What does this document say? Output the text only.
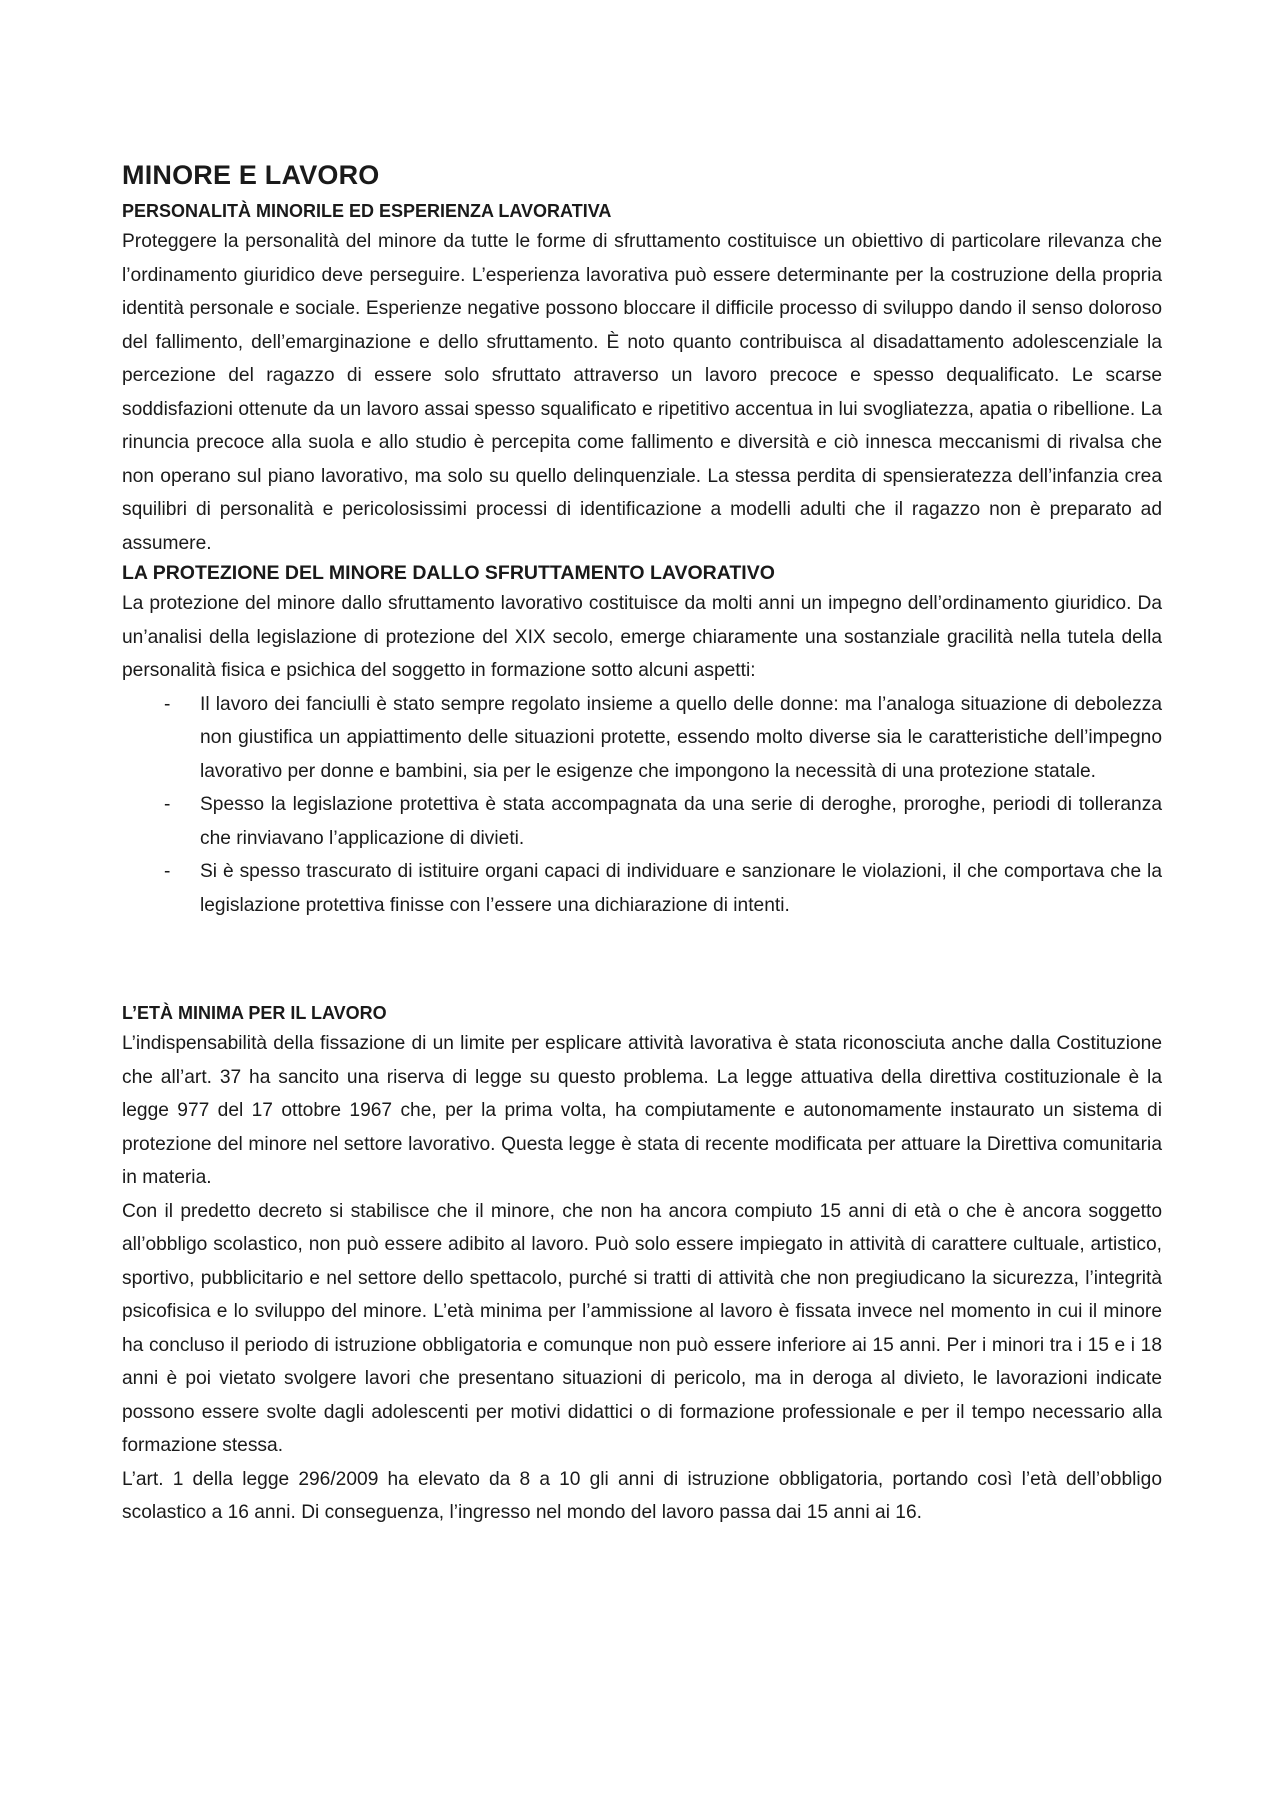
MINORE E LAVORO
PERSONALITÀ MINORILE ED ESPERIENZA LAVORATIVA

Proteggere la personalità del minore da tutte le forme di sfruttamento costituisce un obiettivo di particolare rilevanza che l’ordinamento giuridico deve perseguire. L’esperienza lavorativa può essere determinante per la costruzione della propria identità personale e sociale. Esperienze negative possono bloccare il difficile processo di sviluppo dando il senso doloroso del fallimento, dell’emarginazione e dello sfruttamento. È noto quanto contribuisca al disadattamento adolescenziale la percezione del ragazzo di essere solo sfruttato attraverso un lavoro precoce e spesso dequalificato. Le scarse soddisfazioni ottenute da un lavoro assai spesso squalificato e ripetitivo accentua in lui svogliatezza, apatia o ribellione. La rinuncia precoce alla suola e allo studio è percepita come fallimento e diversità e ciò innesca meccanismi di rivalsa che non operano sul piano lavorativo, ma solo su quello delinquenziale. La stessa perdita di spensieratezza dell’infanzia crea squilibri di personalità e pericolosissimi processi di identificazione a modelli adulti che il ragazzo non è preparato ad assumere.

LA PROTEZIONE DEL MINORE DALLO SFRUTTAMENTO LAVORATIVO

La protezione del minore dallo sfruttamento lavorativo costituisce da molti anni un impegno dell’ordinamento giuridico. Da un’analisi della legislazione di protezione del XIX secolo, emerge chiaramente una sostanziale gracilità nella tutela della personalità fisica e psichica del soggetto in formazione sotto alcuni aspetti:

- Il lavoro dei fanciulli è stato sempre regolato insieme a quello delle donne: ma l’analoga situazione di debolezza non giustifica un appiattimento delle situazioni protette, essendo molto diverse sia le caratteristiche dell’impegno lavorativo per donne e bambini, sia per le esigenze che impongono la necessità di una protezione statale.
- Spesso la legislazione protettiva è stata accompagnata da una serie di deroghe, proroghe, periodi di tolleranza che rinviavano l’applicazione di divieti.
- Si è spesso trascurato di istituire organi capaci di individuare e sanzionare le violazioni, il che comportava che la legislazione protettiva finisse con l’essere una dichiarazione di intenti.
L’ETÀ MINIMA PER IL LAVORO

L’indispensabilità della fissazione di un limite per esplicare attività lavorativa è stata riconosciuta anche dalla Costituzione che all’art. 37 ha sancito una riserva di legge su questo problema. La legge attuativa della direttiva costituzionale è la legge 977 del 17 ottobre 1967 che, per la prima volta, ha compiutamente e autonomamente instaurato un sistema di protezione del minore nel settore lavorativo. Questa legge è stata di recente modificata per attuare la Direttiva comunitaria in materia.

Con il predetto decreto si stabilisce che il minore, che non ha ancora compiuto 15 anni di età o che è ancora soggetto all’obbligo scolastico, non può essere adibito al lavoro. Può solo essere impiegato in attività di carattere cultuale, artistico, sportivo, pubblicitario e nel settore dello spettacolo, purché si tratti di attività che non pregiudicano la sicurezza, l’integrità psicofisica e lo sviluppo del minore. L’età minima per l’ammissione al lavoro è fissata invece nel momento in cui il minore ha concluso il periodo di istruzione obbligatoria e comunque non può essere inferiore ai 15 anni. Per i minori tra i 15 e i 18 anni è poi vietato svolgere lavori che presentano situazioni di pericolo, ma in deroga al divieto, le lavorazioni indicate possono essere svolte dagli adolescenti per motivi didattici o di formazione professionale e per il tempo necessario alla formazione stessa.

L’art. 1 della legge 296/2009 ha elevato da 8 a 10 gli anni di istruzione obbligatoria, portando così l’età dell’obbligo scolastico a 16 anni. Di conseguenza, l’ingresso nel mondo del lavoro passa dai 15 anni ai 16.
